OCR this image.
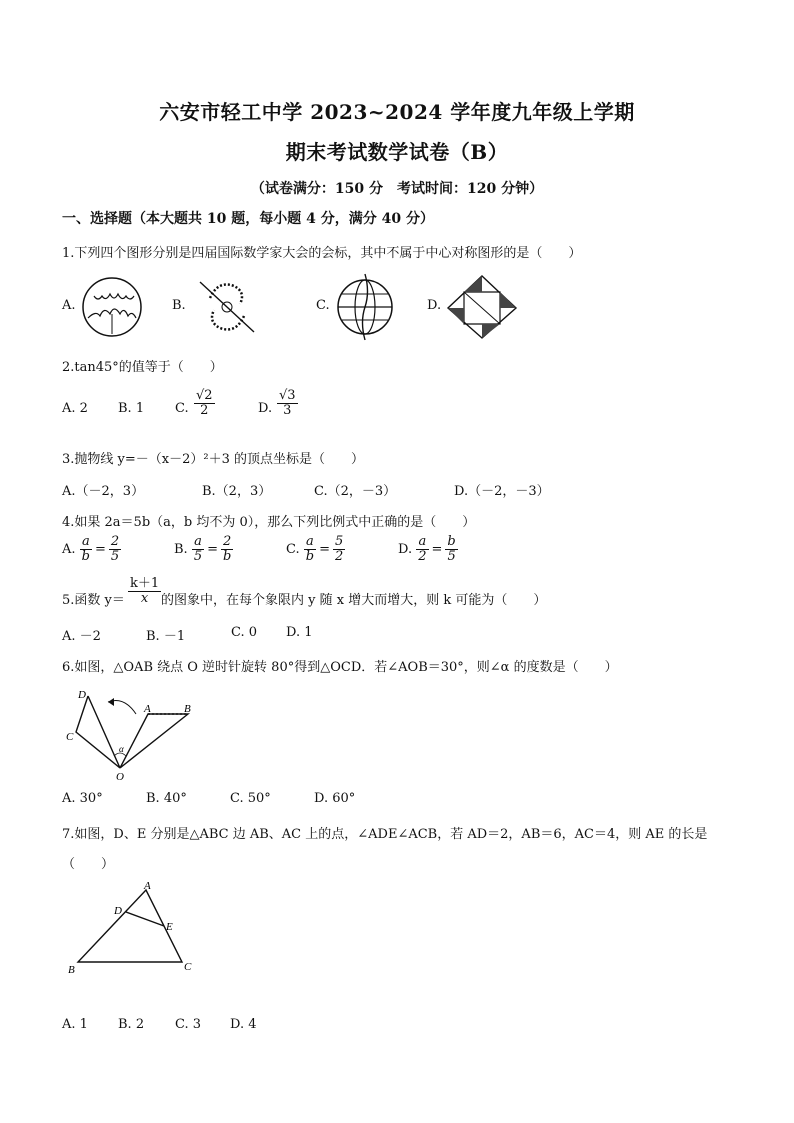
六安市轻工中学 2023~2024 学年度九年级上学期
期末考试数学试卷（B）
（试卷满分：150 分　考试时间：120 分钟）
一、选择题（本大题共 10 题，每小题 4 分，满分 40 分）
1.下列四个图形分别是四届国际数学家大会的会标，其中不属于中心对称图形的是（　　）
A.	B.	C.	D.
2.tan45°的值等于（　　）
A. 2 B. 1 C. $\frac{√2}{2}$	D. $\frac{√3}{3}$
3.抛物线 y=－（x－2）²＋3 的顶点坐标是（　　）
A.（－2，3）	B.（2，3）	C.（2，－3）	D.（－2，－3）
4.如果 2a＝5b（a，b 均不为 0），那么下列比例式中正确的是（　　）
A. $\frac{a}{b} = \frac{2}{5}$	B. $\frac{a}{5} = \frac{2}{b}$	C. $\frac{a}{b} = \frac{5}{2}$	D. $\frac{a}{2} = \frac{b}{5}$
5.函数 $y= \frac{k+1}{x}$ 的图象中，在每个象限内 y 随 x 增大而增大，则 k 可能为（　　）
A. －2	B. －1	C. 0 D. 1
6.如图，△OAB 绕点 O 逆时针旋转 80°得到△OCD．若∠AOB＝30°，则∠α 的度数是（　　）
D
C
A	B
O
α
A. 30°	B. 40°	C. 50°	D. 60°
7.如图，D、E 分别是△ABC 边 AB、AC 上的点，∠ADE∠ACB，若 AD＝2，AB＝6，AC＝4，则 AE 的长是
（　　）
A
B	C
D
E
A. 1 B. 2 C. 3 D. 4
